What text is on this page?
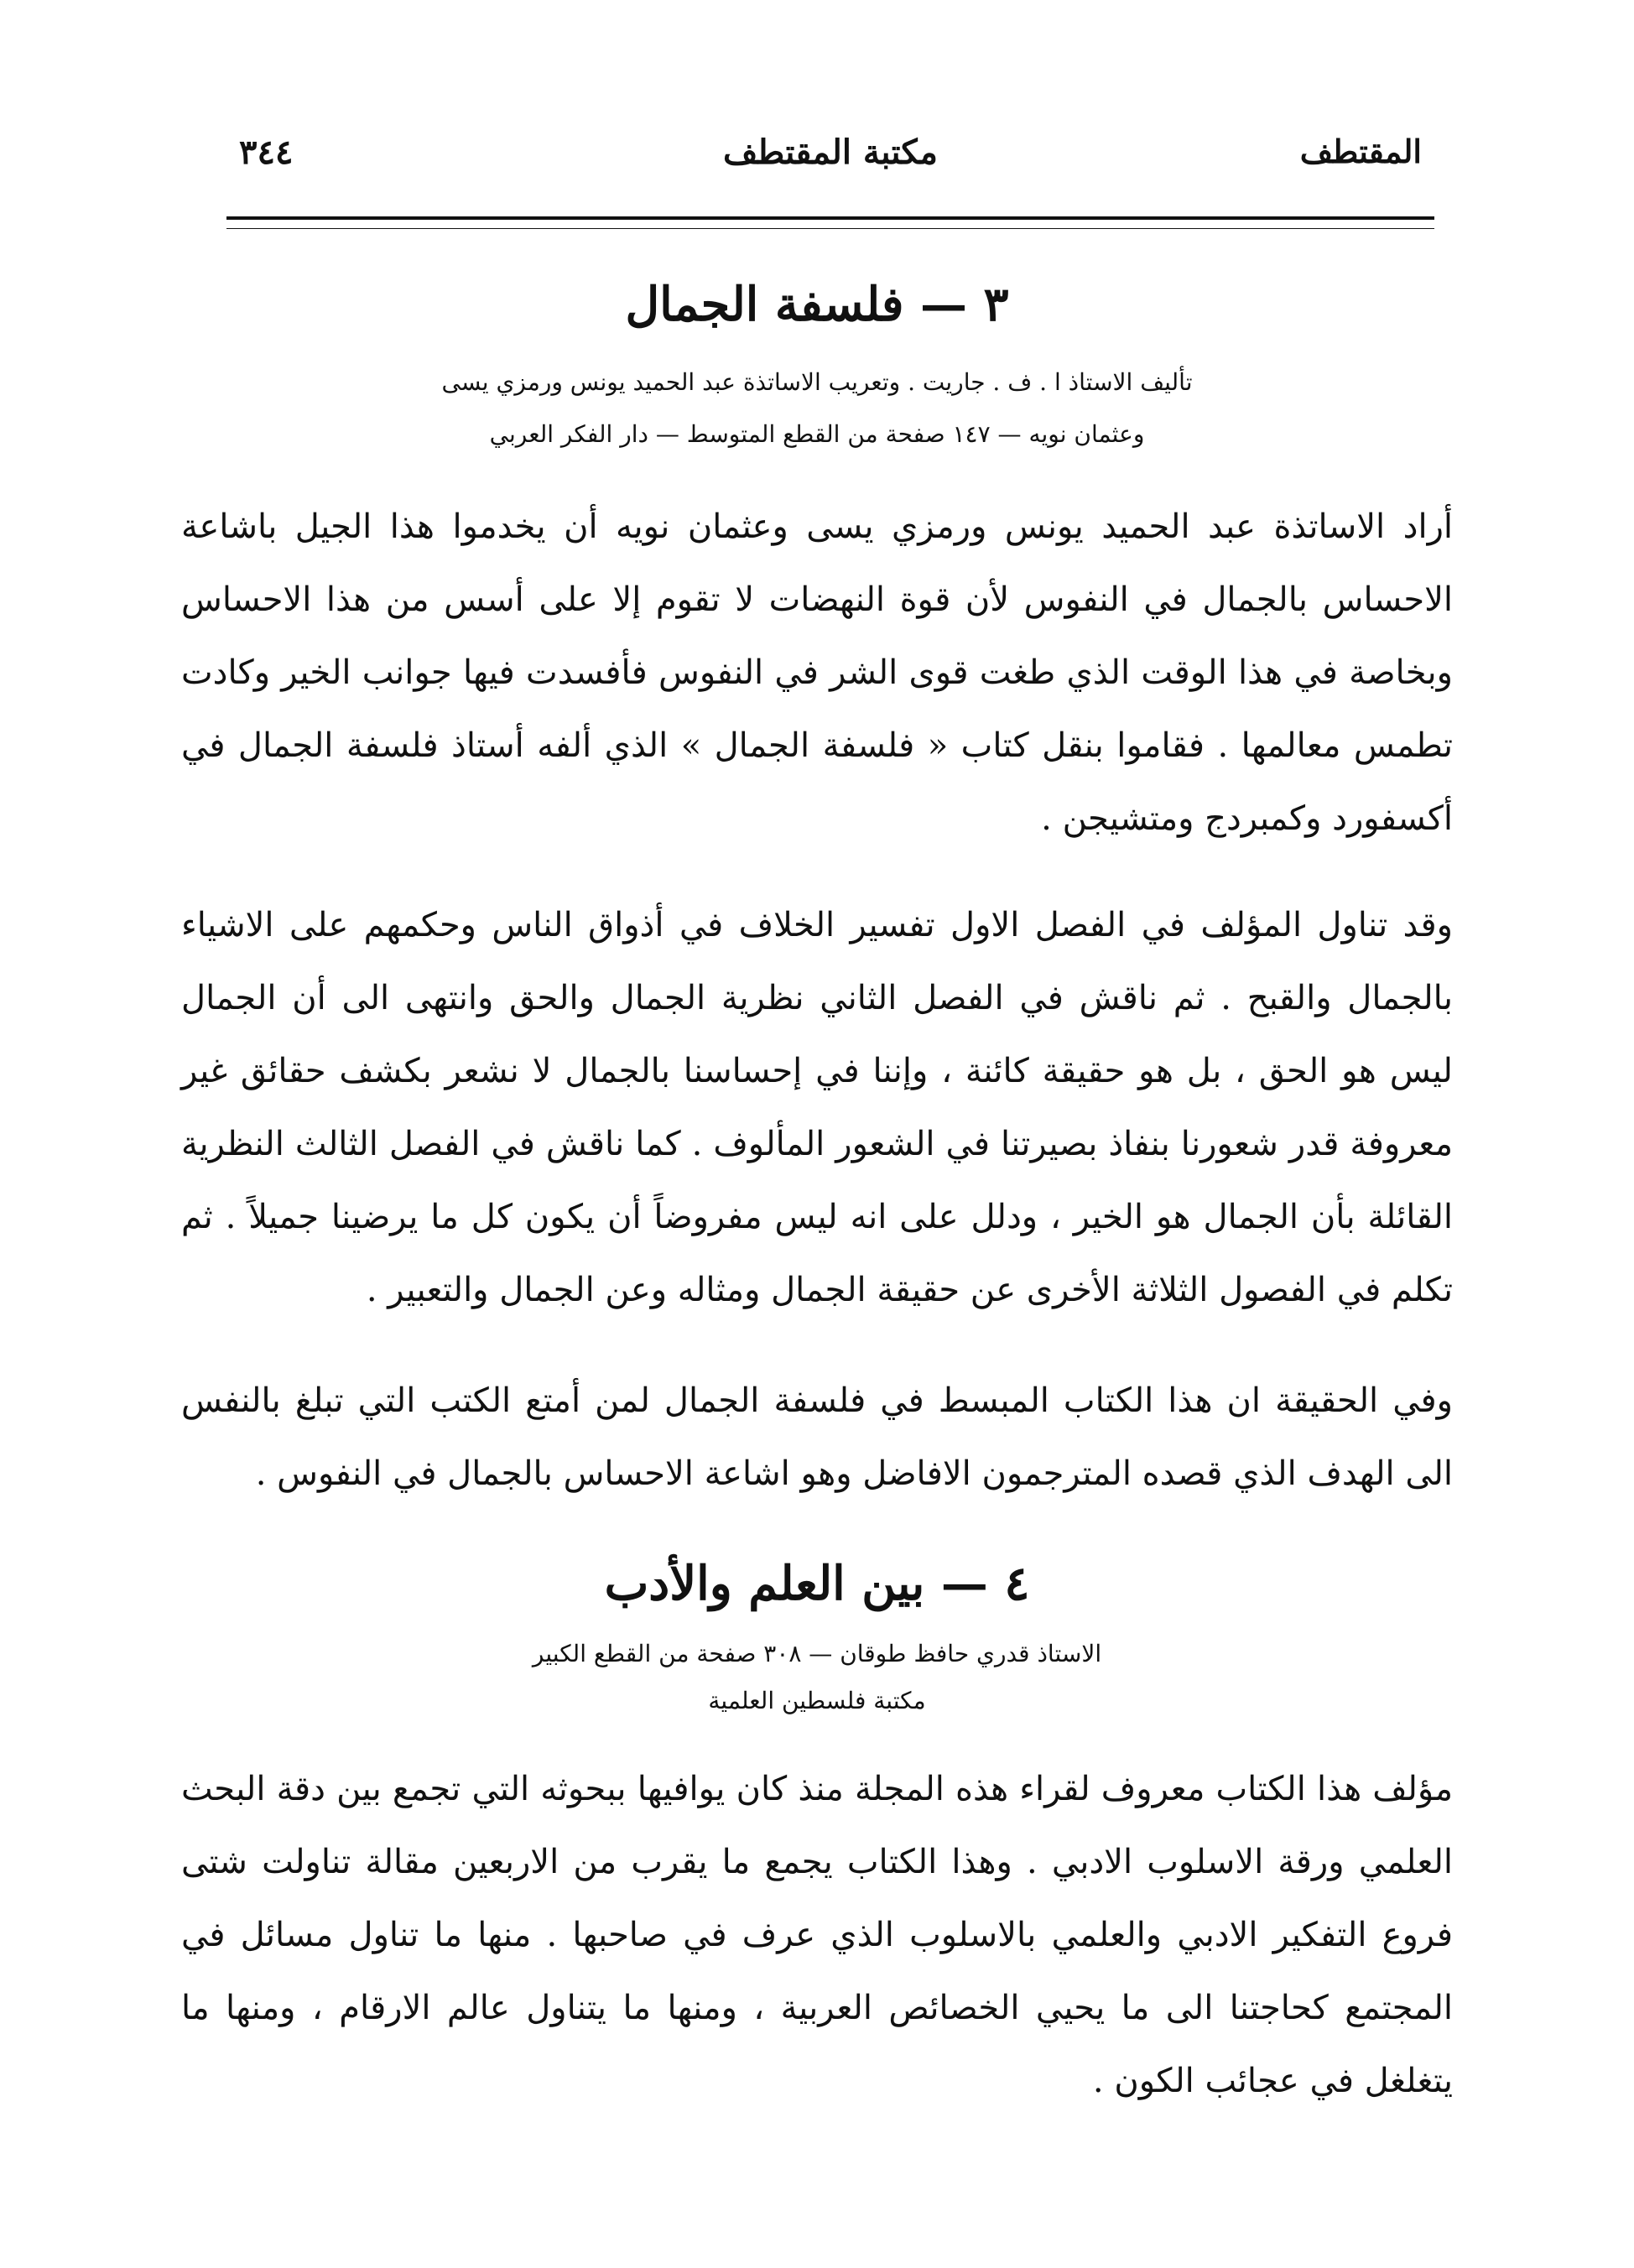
المقتطف
مكتبة المقتطف
٣٤٤
٣ — فلسفة الجمال
تأليف الاستاذ ا . ف . جاريت . وتعريب الاساتذة عبد الحميد يونس ورمزي يسى
وعثمان نويه — ١٤٧ صفحة من القطع المتوسط — دار الفكر العربي

أراد الاساتذة عبد الحميد يونس ورمزي يسى وعثمان نويه أن يخدموا هذا الجيل باشاعة الاحساس بالجمال في النفوس لأن قوة النهضات لا تقوم إلا على أسس من هذا الاحساس وبخاصة في هذا الوقت الذي طغت قوى الشر في النفوس فأفسدت فيها جوانب الخير وكادت تطمس معالمها . فقاموا بنقل كتاب « فلسفة الجمال » الذي ألفه أستاذ فلسفة الجمال في أكسفورد وكمبردج ومتشيجن .

وقد تناول المؤلف في الفصل الاول تفسير الخلاف في أذواق الناس وحكمهم على الاشياء بالجمال والقبح . ثم ناقش في الفصل الثاني نظرية الجمال والحق وانتهى الى أن الجمال ليس هو الحق ، بل هو حقيقة كائنة ، وإننا في إحساسنا بالجمال لا نشعر بكشف حقائق غير معروفة قدر شعورنا بنفاذ بصيرتنا في الشعور المألوف . كما ناقش في الفصل الثالث النظرية القائلة بأن الجمال هو الخير ، ودلل على انه ليس مفروضاً أن يكون كل ما يرضينا جميلاً . ثم تكلم في الفصول الثلاثة الأخرى عن حقيقة الجمال ومثاله وعن الجمال والتعبير .

وفي الحقيقة ان هذا الكتاب المبسط في فلسفة الجمال لمن أمتع الكتب التي تبلغ بالنفس الى الهدف الذي قصده المترجمون الافاضل وهو اشاعة الاحساس بالجمال في النفوس .

٤ — بين العلم والأدب
الاستاذ قدري حافظ طوقان — ٣٠٨ صفحة من القطع الكبير
مكتبة فلسطين العلمية

مؤلف هذا الكتاب معروف لقراء هذه المجلة منذ كان يوافيها ببحوثه التي تجمع بين دقة البحث العلمي ورقة الاسلوب الادبي . وهذا الكتاب يجمع ما يقرب من الاربعين مقالة تناولت شتى فروع التفكير الادبي والعلمي بالاسلوب الذي عرف في صاحبها . منها ما تناول مسائل في المجتمع كحاجتنا الى ما يحيي الخصائص العربية ، ومنها ما يتناول عالم الارقام ، ومنها ما يتغلغل في عجائب الكون .
